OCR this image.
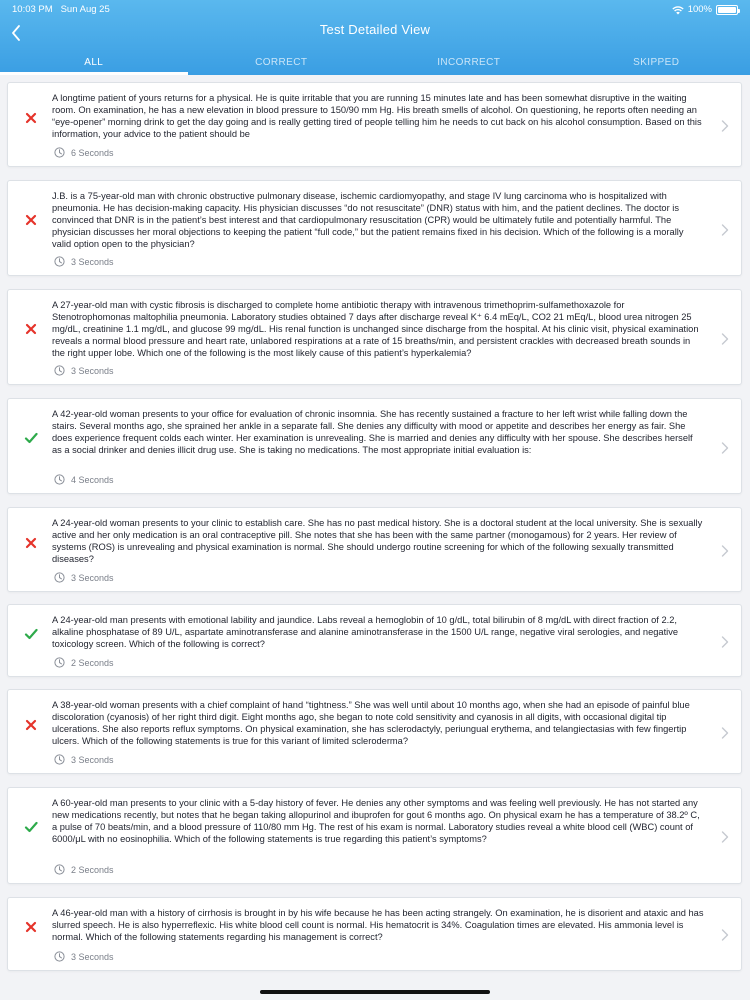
10:03 PM Sun Aug 25	100%
Test Detailed View
ALL	CORRECT	INCORRECT	SKIPPED
A longtime patient of yours returns for a physical. He is quite irritable that you are running 15 minutes late and has been somewhat disruptive in the waiting room. On examination, he has a new elevation in blood pressure to 150/90 mm Hg. His breath smells of alcohol. On questioning, he reports often needing an “eye-opener” morning drink to get the day going and is really getting tired of people telling him he needs to cut back on his alcohol consumption. Based on this information, your advice to the patient should be
6 Seconds
J.B. is a 75-year-old man with chronic obstructive pulmonary disease, ischemic cardiomyopathy, and stage IV lung carcinoma who is hospitalized with pneumonia. He has decision-making capacity. His physician discusses “do not resuscitate” (DNR) status with him, and the patient declines. The doctor is convinced that DNR is in the patient’s best interest and that cardiopulmonary resuscitation (CPR) would be ultimately futile and potentially harmful. The physician discusses her moral objections to keeping the patient “full code,” but the patient remains fixed in his decision. Which of the following is a morally valid option open to the physician?
3 Seconds
A 27-year-old man with cystic fibrosis is discharged to complete home antibiotic therapy with intravenous trimethoprim-sulfamethoxazole for Stenotrophomonas maltophilia pneumonia. Laboratory studies obtained 7 days after discharge reveal K⁺ 6.4 mEq/L, CO2 21 mEq/L, blood urea nitrogen 25 mg/dL, creatinine 1.1 mg/dL, and glucose 99 mg/dL. His renal function is unchanged since discharge from the hospital. At his clinic visit, physical examination reveals a normal blood pressure and heart rate, unlabored respirations at a rate of 15 breaths/min, and persistent crackles with decreased breath sounds in the right upper lobe. Which one of the following is the most likely cause of this patient’s hyperkalemia?
3 Seconds
A 42-year-old woman presents to your office for evaluation of chronic insomnia. She has recently sustained a fracture to her left wrist while falling down the stairs. Several months ago, she sprained her ankle in a separate fall. She denies any difficulty with mood or appetite and describes her energy as fair. She does experience frequent colds each winter. Her examination is unrevealing. She is married and denies any difficulty with her spouse. She describes herself as a social drinker and denies illicit drug use. She is taking no medications. The most appropriate initial evaluation is:
4 Seconds
A 24-year-old woman presents to your clinic to establish care. She has no past medical history. She is a doctoral student at the local university. She is sexually active and her only medication is an oral contraceptive pill. She notes that she has been with the same partner (monogamous) for 2 years. Her review of systems (ROS) is unrevealing and physical examination is normal. She should undergo routine screening for which of the following sexually transmitted diseases?
3 Seconds
A 24-year-old man presents with emotional lability and jaundice. Labs reveal a hemoglobin of 10 g/dL, total bilirubin of 8 mg/dL with direct fraction of 2.2, alkaline phosphatase of 89 U/L, aspartate aminotransferase and alanine aminotransferase in the 1500 U/L range, negative viral serologies, and negative toxicology screen. Which of the following is correct?
2 Seconds
A 38-year-old woman presents with a chief complaint of hand “tightness.” She was well until about 10 months ago, when she had an episode of painful blue discoloration (cyanosis) of her right third digit. Eight months ago, she began to note cold sensitivity and cyanosis in all digits, with occasional digital tip ulcerations. She also reports reflux symptoms. On physical examination, she has sclerodactyly, periungual erythema, and telangiectasias with few fingertip ulcers. Which of the following statements is true for this variant of limited scleroderma?
3 Seconds
A 60-year-old man presents to your clinic with a 5-day history of fever. He denies any other symptoms and was feeling well previously. He has not started any new medications recently, but notes that he began taking allopurinol and ibuprofen for gout 6 months ago. On physical exam he has a temperature of 38.2º C, a pulse of 70 beats/min, and a blood pressure of 110/80 mm Hg. The rest of his exam is normal. Laboratory studies reveal a white blood cell (WBC) count of 6000/μL with no eosinophilia. Which of the following statements is true regarding this patient’s symptoms?
2 Seconds
A 46-year-old man with a history of cirrhosis is brought in by his wife because he has been acting strangely. On examination, he is disorient and ataxic and has slurred speech. He is also hyperreflexic. His white blood cell count is normal. His hematocrit is 34%. Coagulation times are elevated. His ammonia level is normal. Which of the following statements regarding his management is correct?
3 Seconds
